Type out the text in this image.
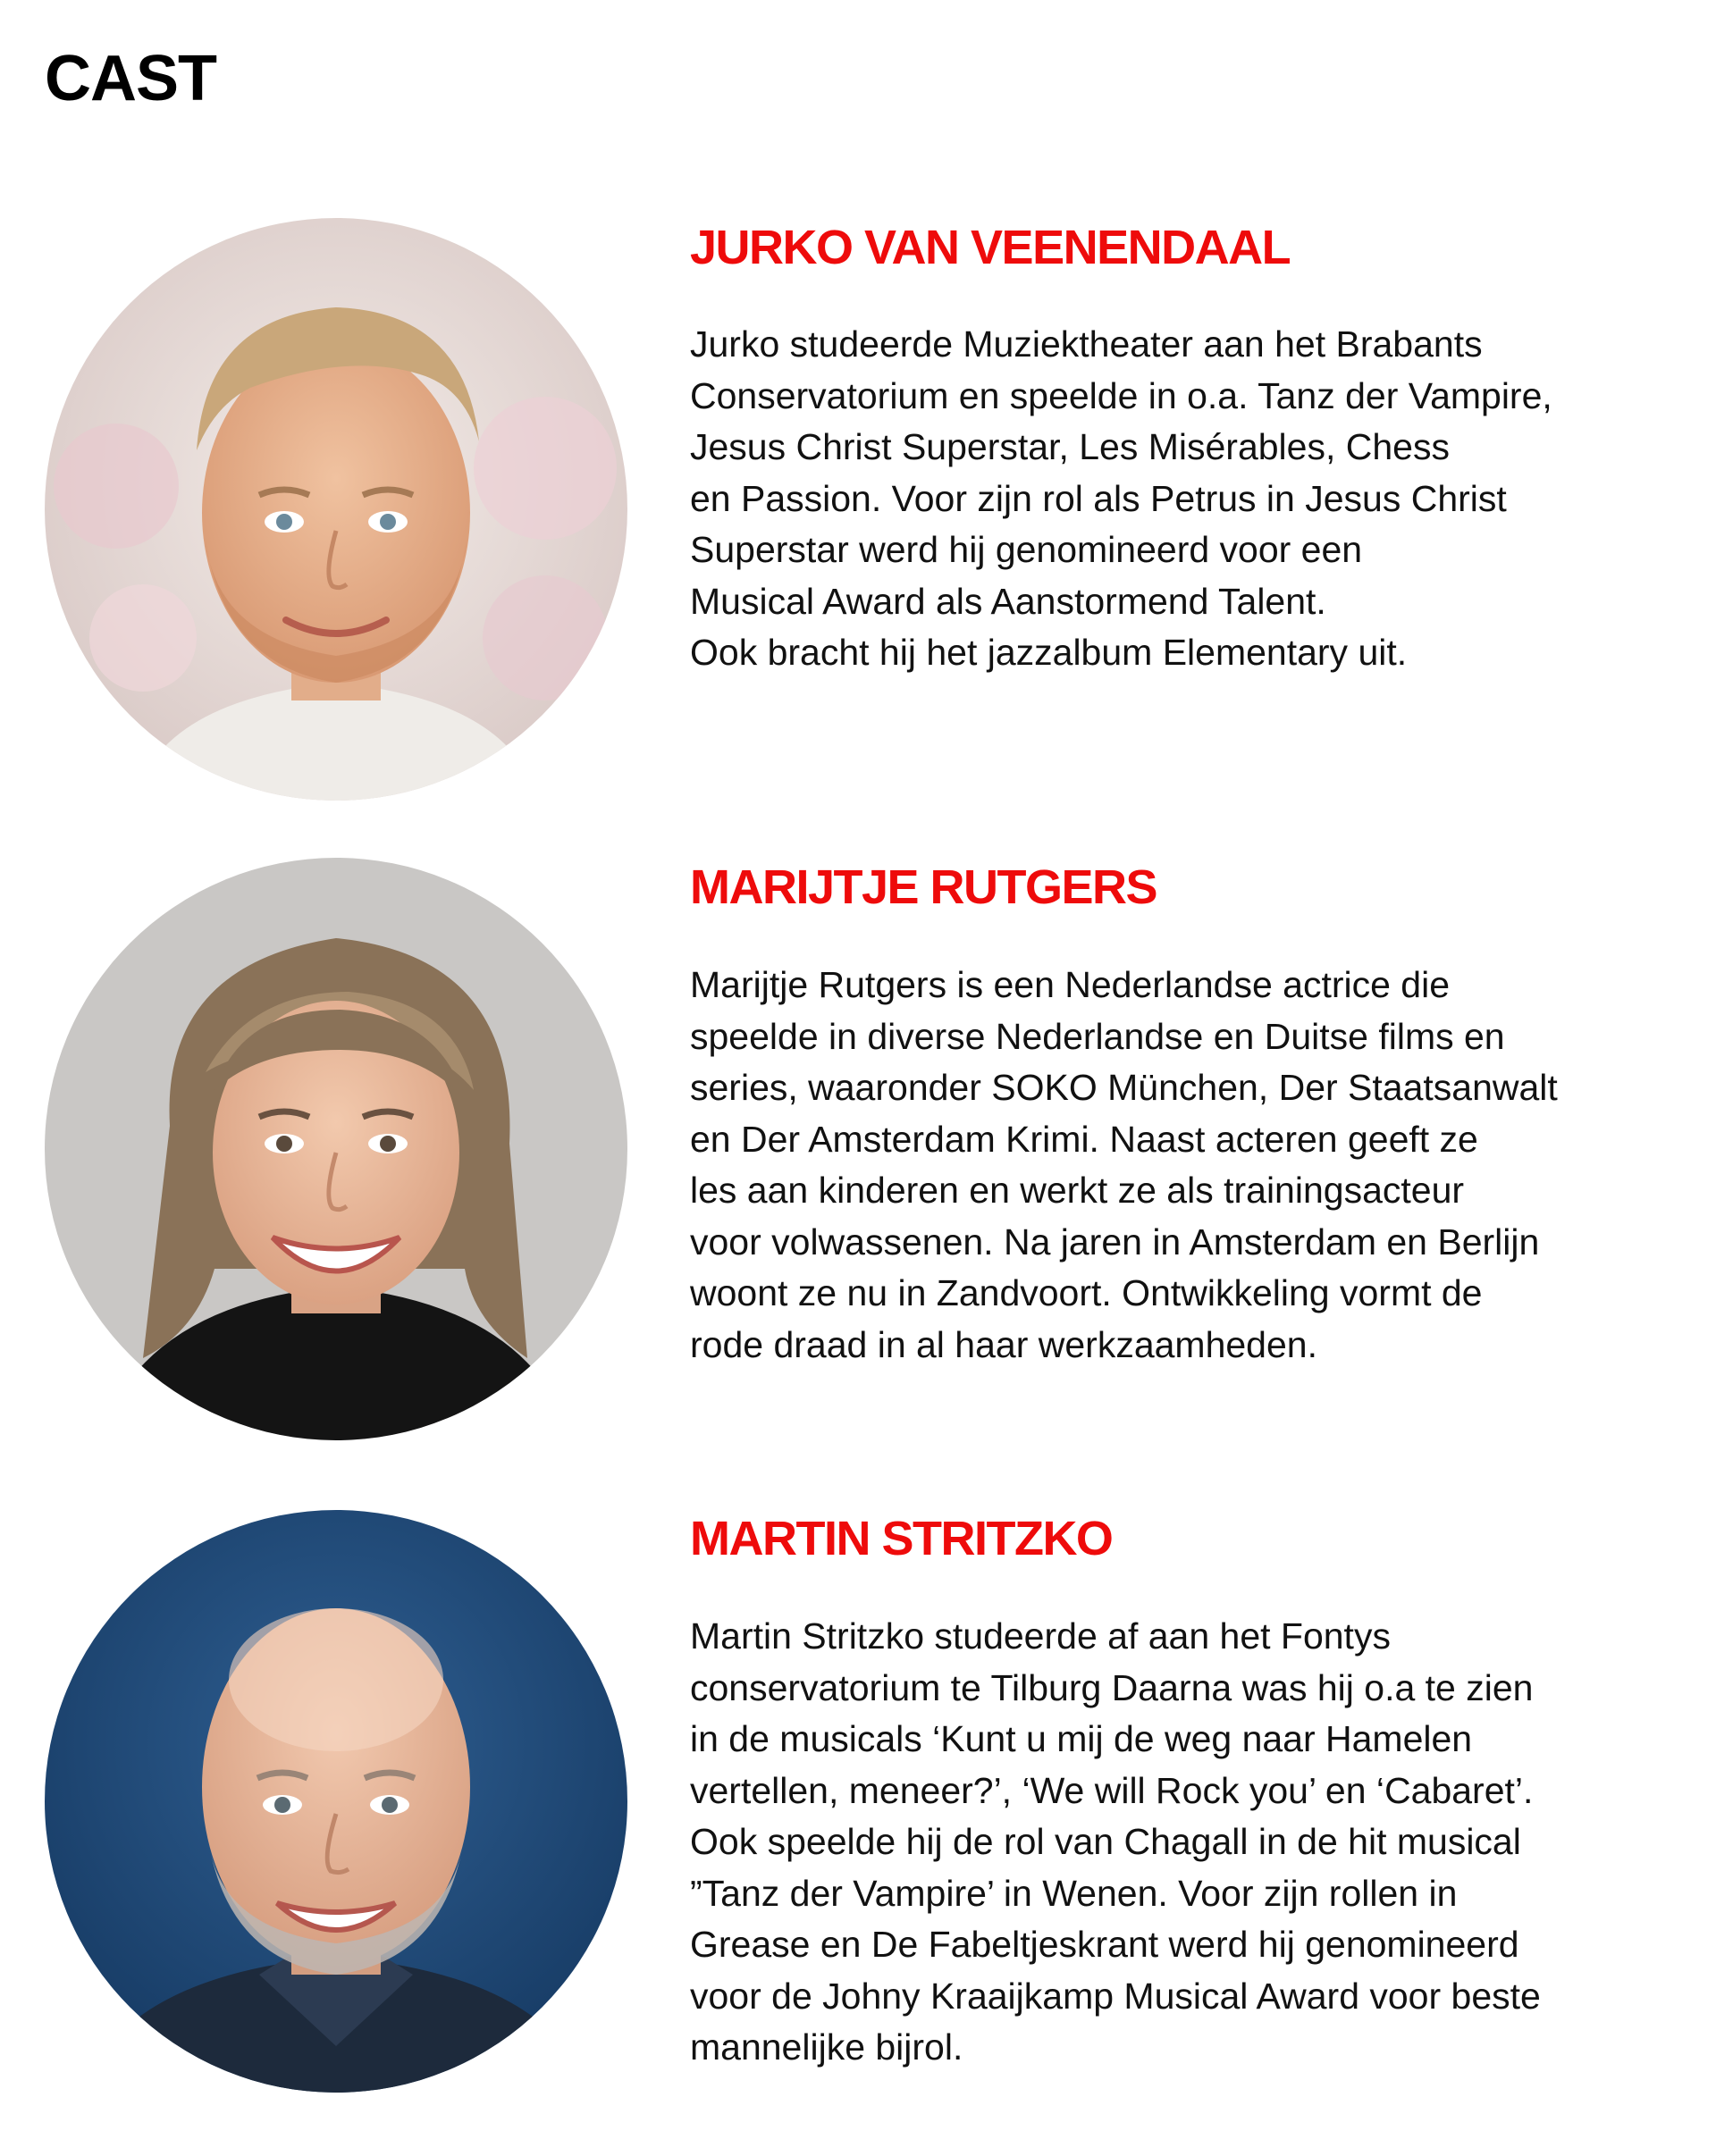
CAST
JURKO VAN VEENENDAAL

Jurko studeerde Muziektheater aan het Brabants
Conservatorium en speelde in o.a. Tanz der Vampire,
Jesus Christ Superstar, Les Misérables, Chess
en Passion. Voor zijn rol als Petrus in Jesus Christ
Superstar werd hij genomineerd voor een
Musical Award als Aanstormend Talent.
Ook bracht hij het jazzalbum Elementary uit.

MARIJTJE RUTGERS

Marijtje Rutgers is een Nederlandse actrice die
speelde in diverse Nederlandse en Duitse films en
series, waaronder SOKO München, Der Staatsanwalt
en Der Amsterdam Krimi. Naast acteren geeft ze
les aan kinderen en werkt ze als trainingsacteur
voor volwassenen. Na jaren in Amsterdam en Berlijn
woont ze nu in Zandvoort. Ontwikkeling vormt de
rode draad in al haar werkzaamheden.

MARTIN STRITZKO

Martin Stritzko studeerde af aan het Fontys
conservatorium te Tilburg Daarna was hij o.a te zien
in de musicals ‘Kunt u mij de weg naar Hamelen
vertellen, meneer?’, ‘We will Rock you’ en ‘Cabaret’.
Ook speelde hij de rol van Chagall in de hit musical
”Tanz der Vampire’ in Wenen. Voor zijn rollen in
Grease en De Fabeltjeskrant werd hij genomineerd
voor de Johny Kraaijkamp Musical Award voor beste
mannelijke bijrol.
